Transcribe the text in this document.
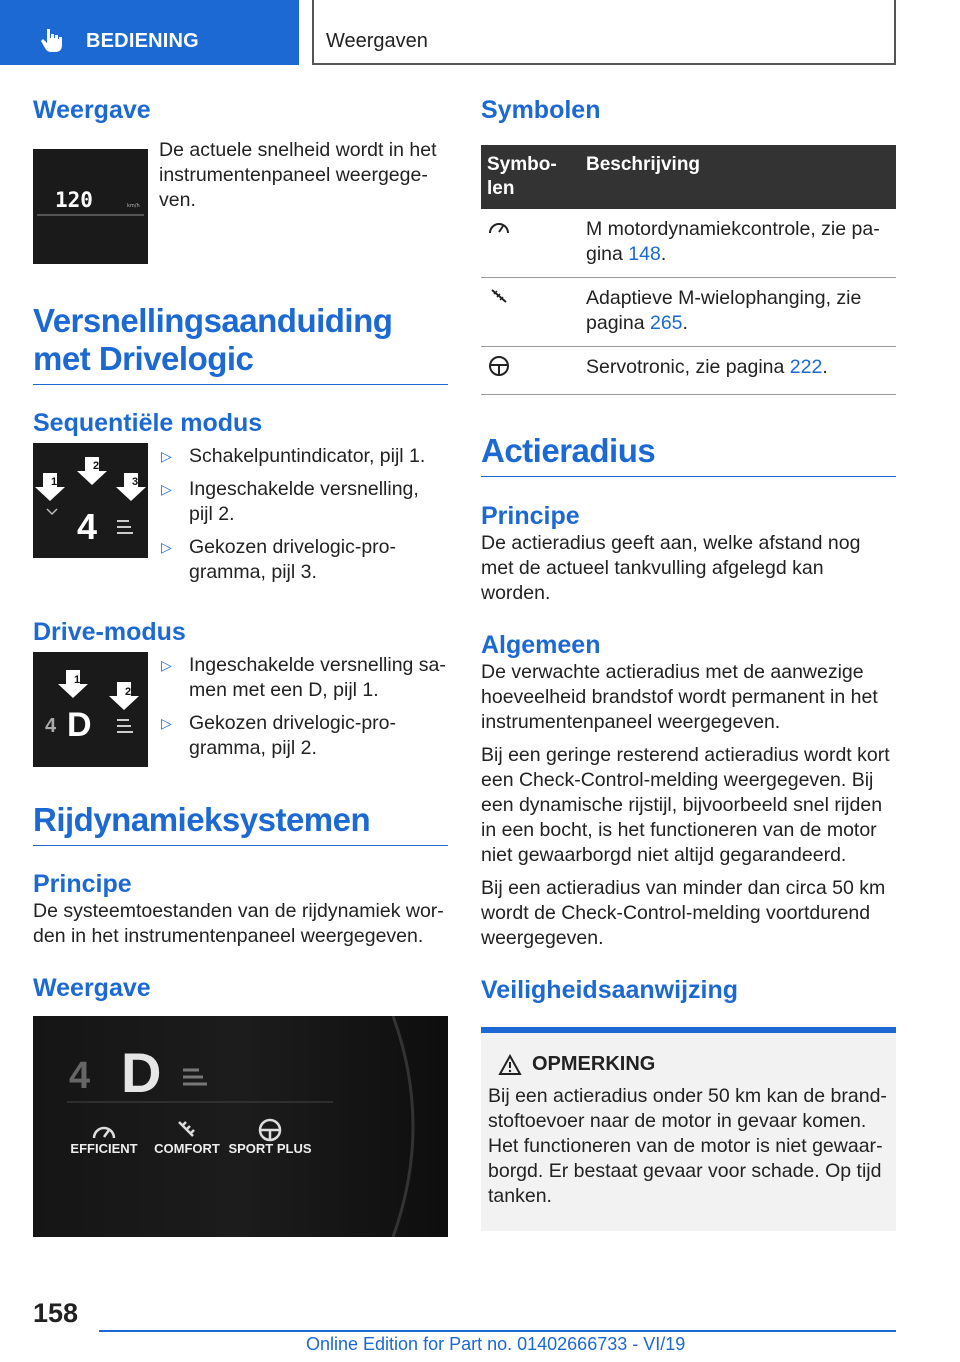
BEDIENING	Weergaven
Weergave
120	km/h

De actuele snelheid wordt in het instrumentenpaneel weergegeven.

Versnellingsaanduiding met Drivelogic
Sequentiële modus
1
2
3
4
▷ Schakelpuntindicator, pijl 1.
▷ Ingeschakelde versnelling, pijl 2.
▷ Gekozen drivelogic-programma, pijl 3.
Drive-modus
1
2
4 D
▷ Ingeschakelde versnelling samen met een D, pijl 1.
▷ Gekozen drivelogic-programma, pijl 2.
Rijdynamieksystemen
Principe

De systeemtoestanden van de rijdynamiek worden in het instrumentenpaneel weergegeven.

Weergave
4 D
EFFICIENT COMFORT SPORT PLUS
Symbolen
Symbolen	Beschrijving
	M motordynamiekcontrole, zie pagina 148.
	Adaptieve M-wielophanging, zie pagina 265.
	Servotronic, zie pagina 222.
Actieradius
Principe

De actieradius geeft aan, welke afstand nog met de actueel tankvulling afgelegd kan worden.

Algemeen

De verwachte actieradius met de aanwezige hoeveelheid brandstof wordt permanent in het instrumentenpaneel weergegeven.

Bij een geringe resterend actieradius wordt kort een Check-Control-melding weergegeven. Bij een dynamische rijstijl, bijvoorbeeld snel rijden in een bocht, is het functioneren van de motor niet gewaarborgd niet altijd gegarandeerd.

Bij een actieradius van minder dan circa 50 km wordt de Check-Control-melding voortdurend weergegeven.

Veiligheidsaanwijzing
OPMERKING

Bij een actieradius onder 50 km kan de brandstoftoevoer naar de motor in gevaar komen. Het functioneren van de motor is niet gewaarborgd. Er bestaat gevaar voor schade. Op tijd tanken.

158
Online Edition for Part no. 01402666733 - VI/19
